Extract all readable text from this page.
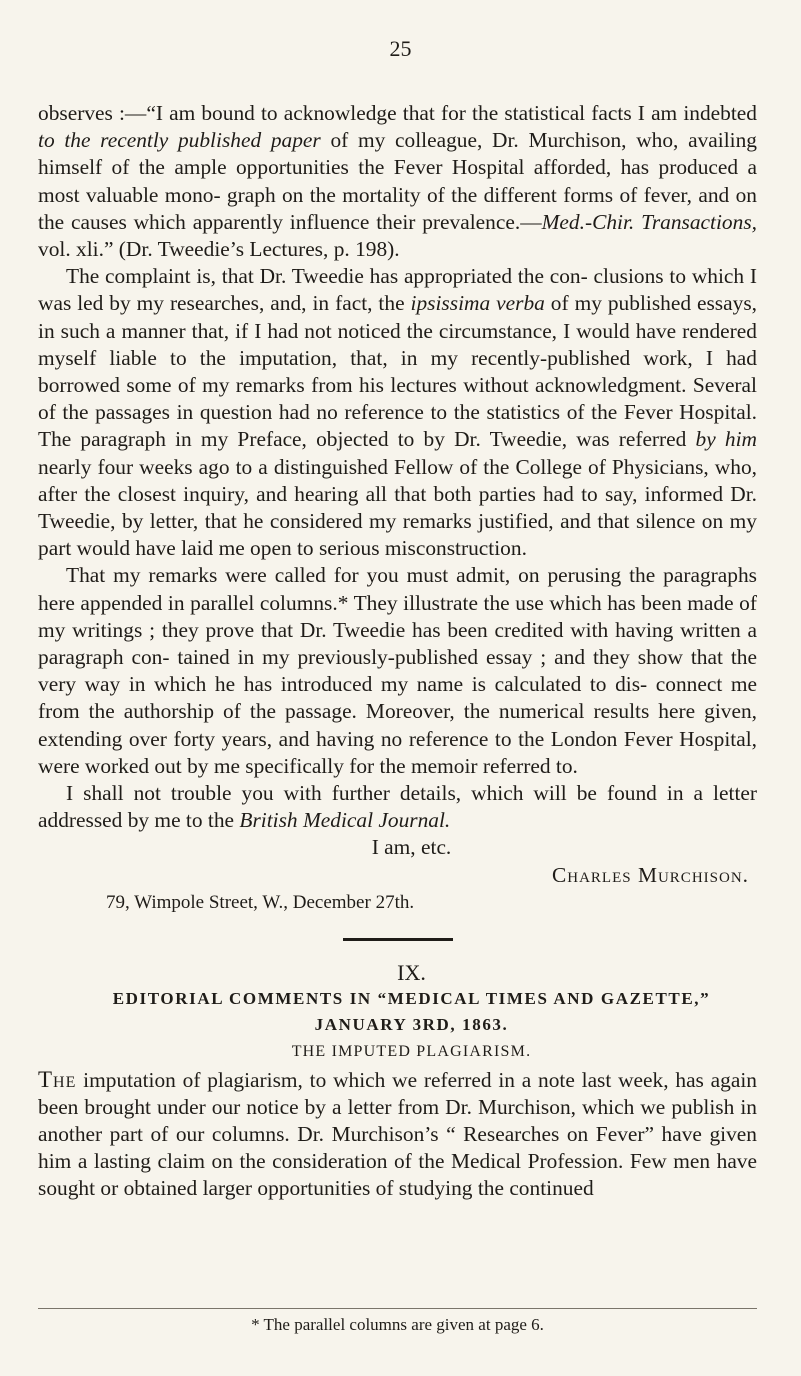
25

observes :—“I am bound to acknowledge that for the statistical facts I am indebted to the recently published paper of my colleague, Dr. Murchison, who, availing himself of the ample opportunities the Fever Hospital afforded, has produced a most valuable mono- graph on the mortality of the different forms of fever, and on the causes which apparently influence their prevalence.—Med.-Chir. Transactions, vol. xli.” (Dr. Tweedie’s Lectures, p. 198).

The complaint is, that Dr. Tweedie has appropriated the con- clusions to which I was led by my researches, and, in fact, the ipsissima verba of my published essays, in such a manner that, if I had not noticed the circumstance, I would have rendered myself liable to the imputation, that, in my recently-published work, I had borrowed some of my remarks from his lectures without acknowledgment. Several of the passages in question had no reference to the statistics of the Fever Hospital. The paragraph in my Preface, objected to by Dr. Tweedie, was referred by him nearly four weeks ago to a distinguished Fellow of the College of Physicians, who, after the closest inquiry, and hearing all that both parties had to say, informed Dr. Tweedie, by letter, that he considered my remarks justified, and that silence on my part would have laid me open to serious misconstruction.

That my remarks were called for you must admit, on perusing the paragraphs here appended in parallel columns.* They illustrate the use which has been made of my writings ; they prove that Dr. Tweedie has been credited with having written a paragraph con- tained in my previously-published essay ; and they show that the very way in which he has introduced my name is calculated to dis- connect me from the authorship of the passage. Moreover, the numerical results here given, extending over forty years, and having no reference to the London Fever Hospital, were worked out by me specifically for the memoir referred to.

I shall not trouble you with further details, which will be found in a letter addressed by me to the British Medical Journal.

I am, etc.

Charles Murchison.

79, Wimpole Street, W., December 27th.

IX.

EDITORIAL COMMENTS IN “MEDICAL TIMES AND GAZETTE,”

JANUARY 3RD, 1863.

THE IMPUTED PLAGIARISM.

The imputation of plagiarism, to which we referred in a note last week, has again been brought under our notice by a letter from Dr. Murchison, which we publish in another part of our columns. Dr. Murchison’s “ Researches on Fever” have given him a lasting claim on the consideration of the Medical Profession. Few men have sought or obtained larger opportunities of studying the continued

* The parallel columns are given at page 6.
